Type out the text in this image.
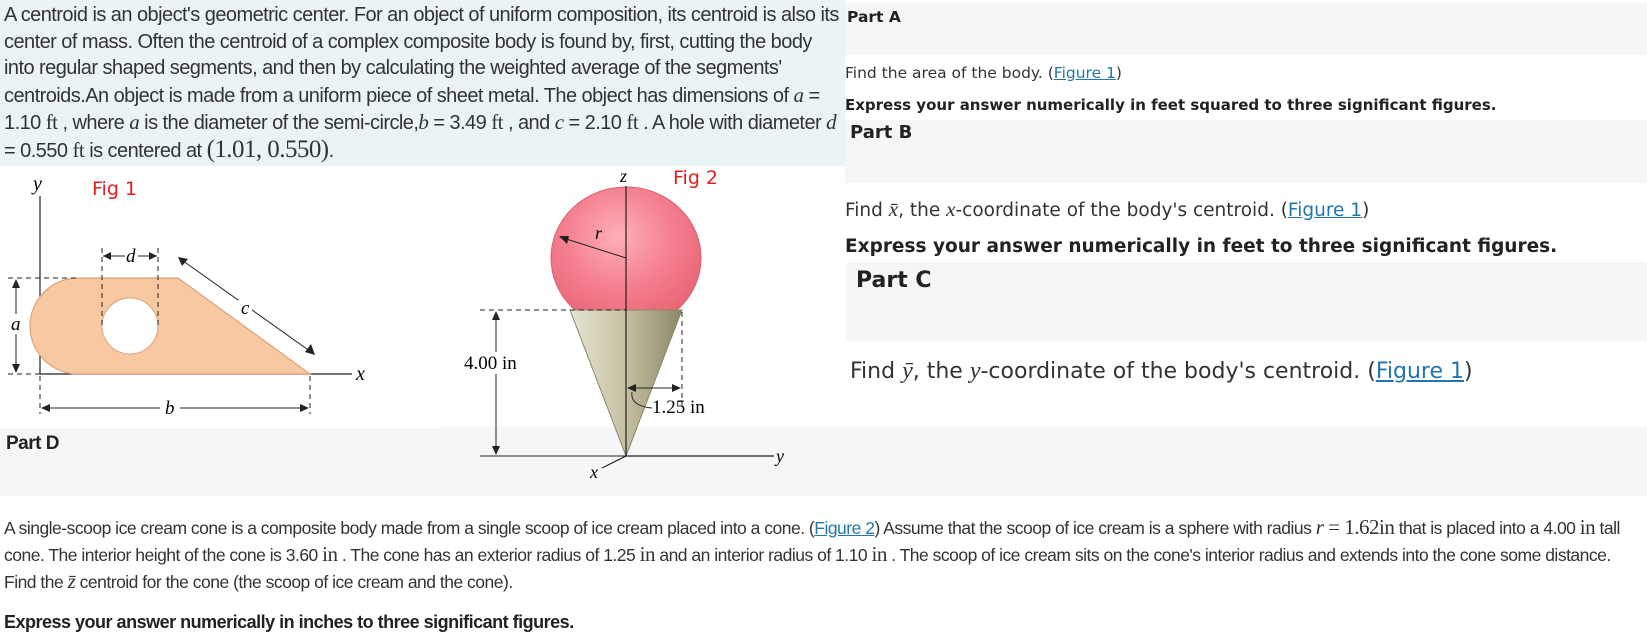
A centroid is an object's geometric center. For an object of uniform composition, its centroid is also its center of mass. Often the centroid of a complex composite body is found by, first, cutting the body into regular shaped segments, and then by calculating the weighted average of the segments' centroids.An object is made from a uniform piece of sheet metal. The object has dimensions of a = 1.10 ft , where a is the diameter of the semi-circle,b = 3.49 ft , and c = 2.10 ft . A hole with diameter d = 0.550 ft is centered at (1.01, 0.550).

Fig 1
y
x
a
d
c
b
Part D
Fig 2
z
r
y
x
4.00 in
1.25 in
Part A
Find the area of the body. (Figure 1)
Express your answer numerically in feet squared to three significant figures.
Part B
Find x̄, the x-coordinate of the body's centroid. (Figure 1)
Express your answer numerically in feet to three significant figures.
Part C
Find ȳ, the y-coordinate of the body's centroid. (Figure 1)
A single-scoop ice cream cone is a composite body made from a single scoop of ice cream placed into a cone. (Figure 2) Assume that the scoop of ice cream is a sphere with radius r = 1.62in that is placed into a 4.00 in tall cone. The interior height of the cone is 3.60 in . The cone has an exterior radius of 1.25 in and an interior radius of 1.10 in . The scoop of ice cream sits on the cone's interior radius and extends into the cone some distance. Find the z̄ centroid for the cone (the scoop of ice cream and the cone).
Express your answer numerically in inches to three significant figures.
